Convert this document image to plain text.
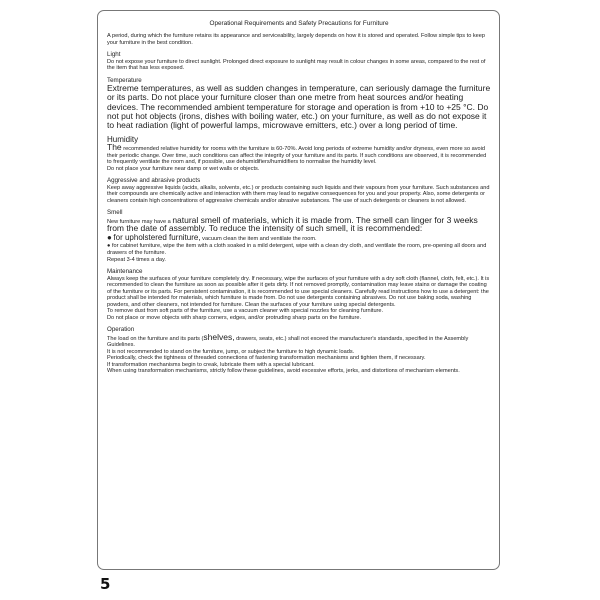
Operational Requirements and Safety Precautions for Furniture

A period, during which the furniture retains its appearance and serviceability, largely depends on how it is stored and operated. Follow simple tips to keep your furniture in the best condition.

Light

Do not expose your furniture to direct sunlight. Prolonged direct exposure to sunlight may result in colour changes in some areas, compared to the rest of the item that has less exposed.

Temperature

Extreme temperatures, as well as sudden changes in temperature, can seriously damage the furniture or its parts. Do not place your furniture closer than one metre from heat sources and/or heating devices. The recommended ambient temperature for storage and operation is from +10 to +25 °C. Do not put hot objects (irons, dishes with boiling water, etc.) on your furniture, as well as do not expose it to heat radiation (light of powerful lamps, microwave emitters, etc.) over a long period of time.

Humidity

The recommended relative humidity for rooms with the furniture is 60-70%. Avoid long periods of extreme humidity and/or dryness, even more so avoid their periodic change. Over time, such conditions can affect the integrity of your furniture and its parts. If such conditions are observed, it is recommended to frequently ventilate the room and, if possible, use dehumidifiers/humidifiers to normalise the humidity level.

Do not place your furniture near damp or wet walls or objects.

Aggressive and abrasive products

Keep away aggressive liquids (acids, alkalis, solvents, etc.) or products containing such liquids and their vapours from your furniture. Such substances and their compounds are chemically active and interaction with them may lead to negative consequences for you and your property. Also, some detergents or cleaners contain high concentrations of aggressive chemicals and/or abrasive substances. The use of such detergents or cleaners is not allowed.

Smell

New furniture may have a natural smell of materials, which it is made from. The smell can linger for 3 weeks from the date of assembly. To reduce the intensity of such smell, it is recommended:

● for upholstered furniture, vacuum clean the item and ventilate the room.

● for cabinet furniture, wipe the item with a cloth soaked in a mild detergent, wipe with a clean dry cloth, and ventilate the room, pre-opening all doors and drawers of the furniture.

Repeat 3-4 times a day.

Maintenance

Always keep the surfaces of your furniture completely dry. If necessary, wipe the surfaces of your furniture with a dry soft cloth (flannel, cloth, felt, etc.). It is recommended to clean the furniture as soon as possible after it gets dirty. If not removed promptly, contamination may leave stains or damage the coating of the furniture or its parts. For persistent contamination, it is recommended to use special cleaners. Carefully read instructions how to use a detergent: the product shall be intended for materials, which furniture is made from. Do not use detergents containing abrasives. Do not use baking soda, washing powders, and other cleaners, not intended for furniture. Clean the surfaces of your furniture using special detergents.

To remove dust from soft parts of the furniture, use a vacuum cleaner with special nozzles for cleaning furniture.

Do not place or move objects with sharp corners, edges, and/or protruding sharp parts on the furniture.

Operation

The load on the furniture and its parts (shelves, drawers, seats, etc.) shall not exceed the manufacturer's standards, specified in the Assembly Guidelines.

It is not recommended to stand on the furniture, jump, or subject the furniture to high dynamic loads.

Periodically, check the tightness of threaded connections of fastening transformation mechanisms and tighten them, if necessary.

If transformation mechanisms begin to creak, lubricate them with a special lubricant.

When using transformation mechanisms, strictly follow these guidelines, avoid excessive efforts, jerks, and distortions of mechanism elements.

5
